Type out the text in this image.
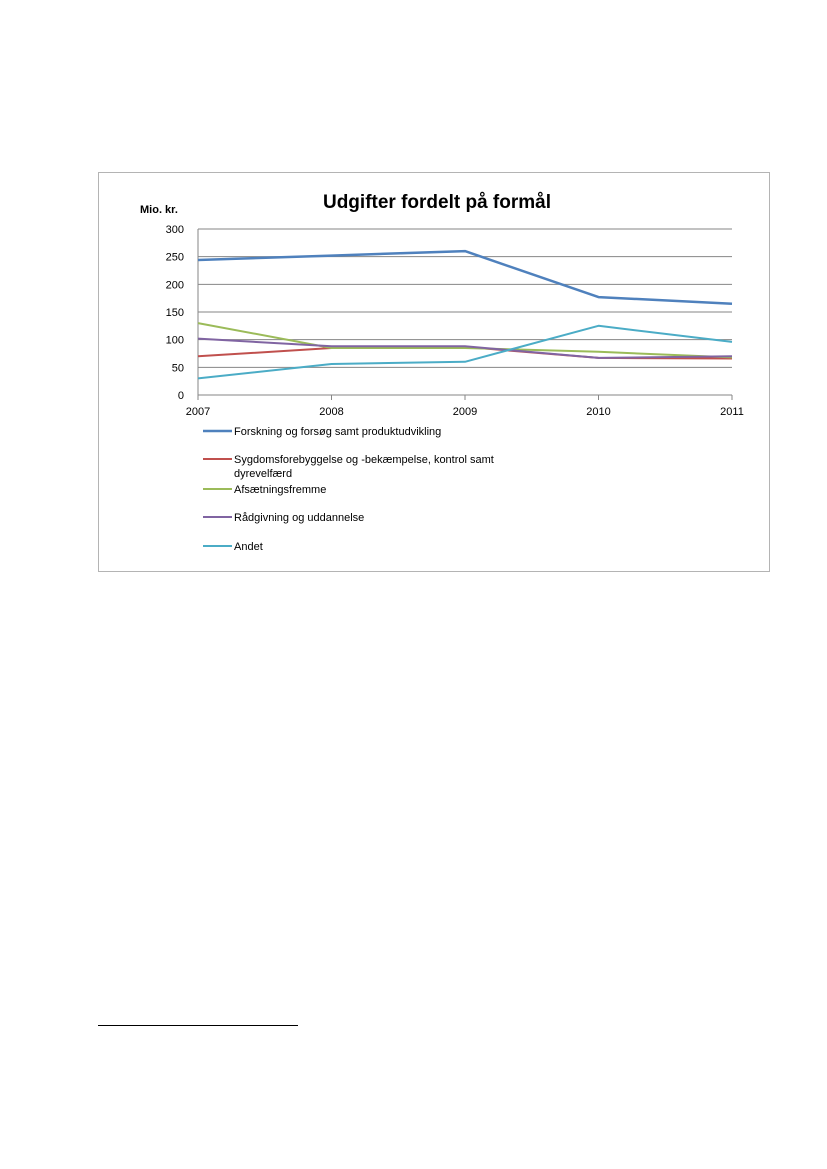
Udgifter fordelt på formål
Mio. kr.
0
50
100
150
200
250
300
2007	2008	2009	2010	2011
Forskning og forsøg samt produktudvikling
Sygdomsforebyggelse og -bekæmpelse, kontrol samt dyrevelfærd
Afsætningsfremme
Rådgivning og uddannelse
Andet
